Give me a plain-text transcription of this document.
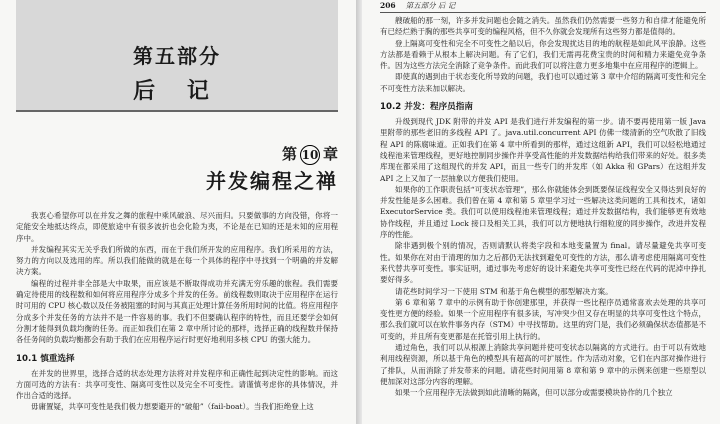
第五部分
后 记
第 10 章
并发编程之禅

我衷心希望你可以在并发之舞的旅程中乘风破浪、尽兴而归。只要做事的方向没错，你将一定能安全地抵达终点，即使旅途中有很多波折也会化险为夷，不论是在已知的还是未知的应用程序中。

并发编程其实无关乎我们所做的东西，而在于我们所开发的应用程序。我们所采用的方法，努力的方向以及选用的库。所以我们能做的就是在每一个具体的程序中寻找到一个明确的并发解决方案。

编程的过程并非全部是大中取果，而应该是不断取得成功并充满无穷乐趣的旅程。我们需要确定待使用的线程数和如何将应用程序分成多个并发的任务。前线程数则取决于应用程序在运行时可用的 CPU 核心数以及任务被阻塞的时间与其真正处理计算任务所用时间的比值。将应用程序分成多个并发任务的方法并不是一件容易的事。我们不但要确认程序的特性，而且还要学会如何分割才能得到负载均衡的任务。而正如我们在第 2 章中所讨论的那样，选择正确的线程数并保持各任务间的负载均衡都会有助于我们在应用程序运行时更好地利用多核 CPU 的强大能力。

10.1 慎重选择

在并发的世界里，选择合适的状态处理方法将对并发程序和正确性起到决定性的影响。而这方面可选的方法有：共享可变性、隔离可变性以及完全不可变性。请谨慎考虑你的具体情况，并作出合适的选择。

毋庸置疑，共享可变性是我们极力想要避开的“破船”（fail-boat）。当我们拒绝登上这

206 第五部分 后 记

艘破船的那一刻，许多并发问题也会随之消失。虽然我们仍然需要一些努力和自律才能避免所有已经烂熟于胸的那些共享可变的编程风格，但不久你就会发现所有这些努力都是值得的。

登上隔离可变性和完全不可变性之船以后，你会发现扰达目的地的航程是如此风平浪静。这些方法都是看赖于从根本上解决问题。有了它们，我们无需再花费宝贵的时间和精力来避免竞争条件。因为这些方法完全消除了竞争条件。而此我们可以将注意力更多地集中在应用程序的逻辑上。

即使真的遇到由于状态变化所导致的问题，我们也可以通过第 3 章中介绍的隔离可变性和完全不可变性方法来加以解决。

10.2 并发：程序员指南

升级到现代 JDK 附带的并发 API 是我们进行并发编程的第一步。请不要再使用第一版 Java 里附带的那些老旧的多线程 API 了。java.util.concurrent API 仿佛一缕清新的空气吹散了旧线程 API 的陈腐味道。正如我们在第 4 章中所看到的那样，通过这组新 API，我们可以轻松地通过线程池来管理线程，更好地控制同步操作并享受高性能的并发数据结构给我们带来的好处。很多类库现在都采用了这组现代的并发 API，而且一些专门的并发库（如 Akka 和 GPars）在这组并发 API 之上又加了一层抽象以方便我们使用。

如果你的工作职责包括“可变状态管理”，那么你就能体会到既要保证线程安全又得达到良好的并发性能是多么困难。我们曾在第 4 章和第 5 章里学习过一些解决这类问题的工具和技术，诸如 ExecutorService 类。我们可以使用线程池来管理线程；通过并发数据结构，我们能够更有效地协作线程，并且通过 Lock 接口及相关工具，我们可以方便地执行细粒度的同步操作，改进并发程序的性能。

除非遇到极个别的情况，否则请默认将类字段和本地变量置为 final。请尽量避免共享可变性。如果你在对由于清理的加力之后都仍无法找到避免可变性的方法，那么请考虑使用隔离可变性来代替共享可变性。事实证明，通过事先考虑好的设计来避免共享可变性已经在代码的泥淖中挣扎要好得多。

请花些时间学习一下使用 STM 和基于角色模型的那型解决方案。

第 6 章和第 7 章中的示例有助于你创建那里，并获得一些比程序员通常喜欢去处理的共享可变性更方便的经验。如果一个应用程序有很多读，写冲突少但又存在明显的共享可变性这个特点，那么我们就可以在软件事务内存（STM）中寻找帮助。这里的窍门是，我们必须确保状态值都是不可变的，并且所有变更都是在托管引用上执行的。

通过角色，我们可以从根源上消除共享问题并使可变状态以隔离的方式进行。由于可以有效地利用线程资源，所以基于角色的模型具有超高的可扩展性。作为活动对象，它们在内部对操作进行了排队，从而消除了并发带来的问题。请花些时间用第 8 章和第 9 章中的示例来创建一些原型以便加深对这部分内容的理解。

如果一个应用程序无法做到如此清晰的隔离，但可以部分或需要模块协作的几个独立
